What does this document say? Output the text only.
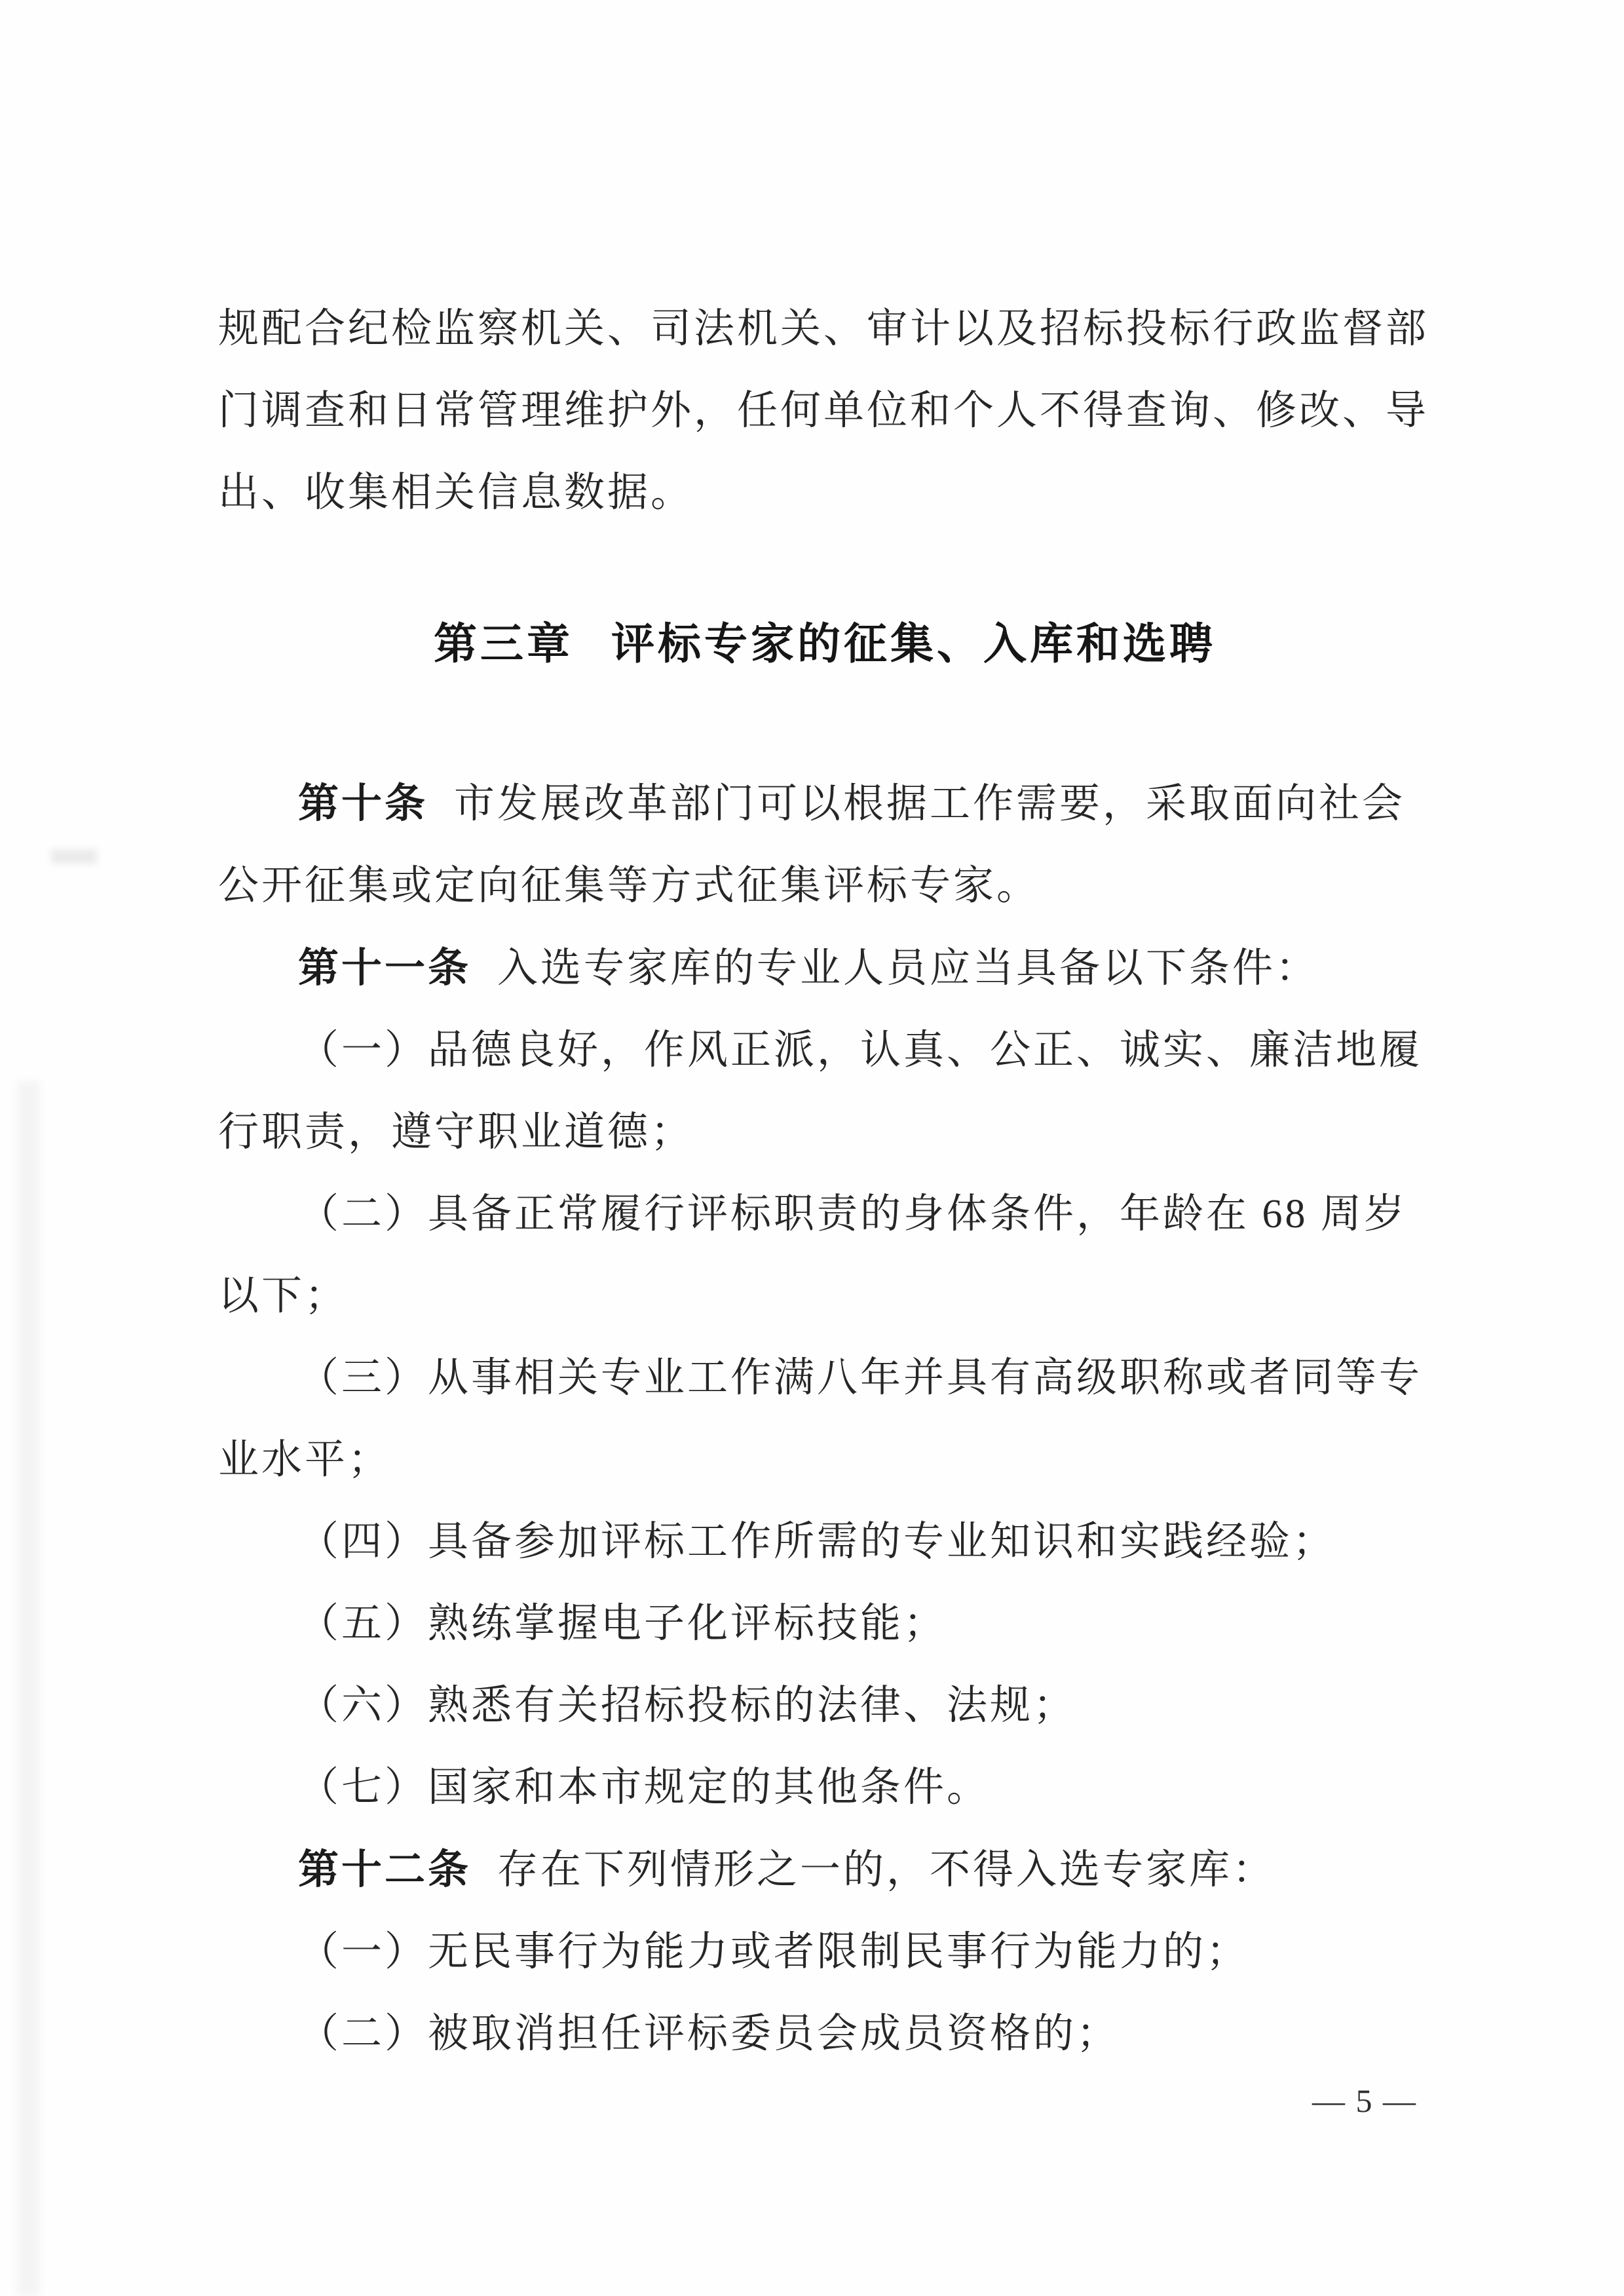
规配合纪检监察机关、司法机关、审计以及招标投标行政监督部
门调查和日常管理维护外，任何单位和个人不得查询、修改、导
出、收集相关信息数据。
第三章 评标专家的征集、入库和选聘
第十条 市发展改革部门可以根据工作需要，采取面向社会
公开征集或定向征集等方式征集评标专家。
第十一条 入选专家库的专业人员应当具备以下条件：
（一）品德良好，作风正派，认真、公正、诚实、廉洁地履
行职责，遵守职业道德；
（二）具备正常履行评标职责的身体条件，年龄在 68 周岁
以下；
（三）从事相关专业工作满八年并具有高级职称或者同等专
业水平；
（四）具备参加评标工作所需的专业知识和实践经验；
（五）熟练掌握电子化评标技能；
（六）熟悉有关招标投标的法律、法规；
（七）国家和本市规定的其他条件。
第十二条 存在下列情形之一的，不得入选专家库：
（一）无民事行为能力或者限制民事行为能力的；
（二）被取消担任评标委员会成员资格的；
— 5 —
